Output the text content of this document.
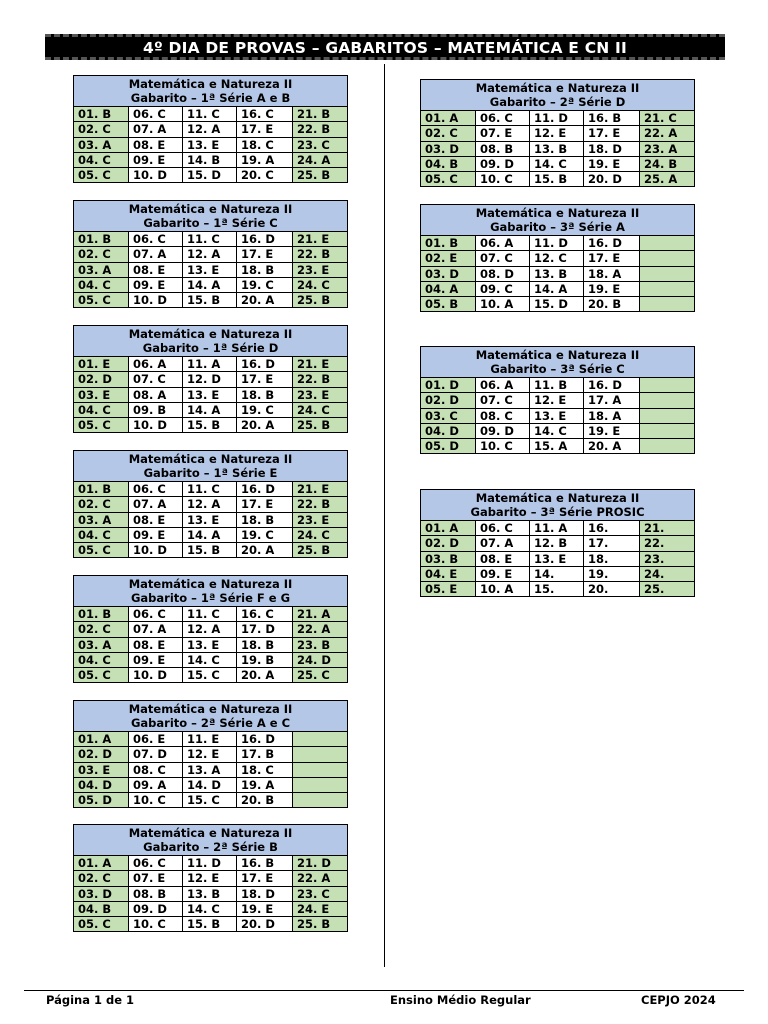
4º DIA DE PROVAS – GABARITOS – MATEMÁTICA E CN II
Matemática e Natureza II
Gabarito – 1ª Série A e B				

01. B	06. C	11. C	16. C	21. B
02. C	07. A	12. A	17. E	22. B
03. A	08. E	13. E	18. C	23. C
04. C	09. E	14. B	19. A	24. A
05. C	10. D	15. D	20. C	25. B
Matemática e Natureza II
Gabarito – 1ª Série C				

01. B	06. C	11. C	16. D	21. E
02. C	07. A	12. A	17. E	22. B
03. A	08. E	13. E	18. B	23. E
04. C	09. E	14. A	19. C	24. C
05. C	10. D	15. B	20. A	25. B
Matemática e Natureza II
Gabarito – 1ª Série D				

01. E	06. A	11. A	16. D	21. E
02. D	07. C	12. D	17. E	22. B
03. E	08. A	13. E	18. B	23. E
04. C	09. B	14. A	19. C	24. C
05. C	10. D	15. B	20. A	25. B
Matemática e Natureza II
Gabarito – 1ª Série E				

01. B	06. C	11. C	16. D	21. E
02. C	07. A	12. A	17. E	22. B
03. A	08. E	13. E	18. B	23. E
04. C	09. E	14. A	19. C	24. C
05. C	10. D	15. B	20. A	25. B
Matemática e Natureza II
Gabarito – 1ª Série F e G				

01. B	06. C	11. C	16. C	21. A
02. C	07. A	12. A	17. D	22. A
03. A	08. E	13. E	18. B	23. B
04. C	09. E	14. C	19. B	24. D
05. C	10. D	15. C	20. A	25. C
Matemática e Natureza II
Gabarito – 2ª Série A e C				

01. A	06. E	11. E	16. D	
02. D	07. D	12. E	17. B	
03. E	08. C	13. A	18. C	
04. D	09. A	14. D	19. A	
05. D	10. C	15. C	20. B	
Matemática e Natureza II
Gabarito – 2ª Série B				

01. A	06. C	11. D	16. B	21. D
02. C	07. E	12. E	17. E	22. A
03. D	08. B	13. B	18. D	23. C
04. B	09. D	14. C	19. E	24. E
05. C	10. C	15. B	20. D	25. B
Matemática e Natureza II
Gabarito – 2ª Série D				

01. A	06. C	11. D	16. B	21. C
02. C	07. E	12. E	17. E	22. A
03. D	08. B	13. B	18. D	23. A
04. B	09. D	14. C	19. E	24. B
05. C	10. C	15. B	20. D	25. A
Matemática e Natureza II
Gabarito – 3ª Série A				

01. B	06. A	11. D	16. D	
02. E	07. C	12. C	17. E	
03. D	08. D	13. B	18. A	
04. A	09. C	14. A	19. E	
05. B	10. A	15. D	20. B	
Matemática e Natureza II
Gabarito – 3ª Série C				

01. D	06. A	11. B	16. D	
02. D	07. C	12. E	17. A	
03. C	08. C	13. E	18. A	
04. D	09. D	14. C	19. E	
05. D	10. C	15. A	20. A	
Matemática e Natureza II
Gabarito – 3ª Série PROSIC				

01. A	06. C	11. A	16.	21.
02. D	07. A	12. B	17.	22.
03. B	08. E	13. E	18.	23.
04. E	09. E	14.	19.	24.
05. E	10. A	15.	20.	25.
Página 1 de 1	Ensino Médio Regular	CEPJO 2024
